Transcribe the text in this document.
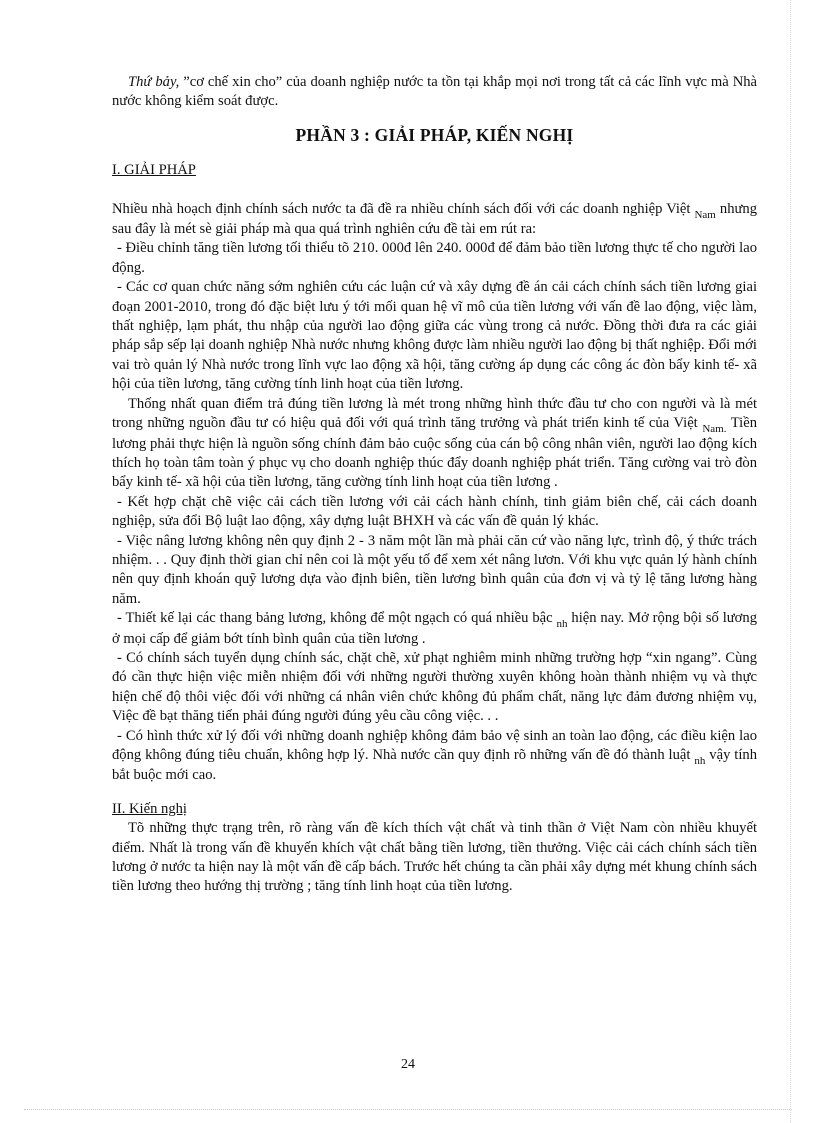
Thứ bảy, ”cơ chế xin cho” của doanh nghiệp nước ta tồn tại khắp mọi nơi trong tất cả các lĩnh vực mà Nhà nước không kiểm soát được.

PHẦN 3 : GIẢI PHÁP, KIẾN NGHỊ

I. GIẢI PHÁP

Nhiều nhà hoạch định chính sách nước ta đã đề ra nhiều chính sách đối với các doanh nghiệp Việt $_{Nam}$ nhưng sau đây là mét sè giải pháp mà qua quá trình nghiên cứu đề tài em rút ra:

- Điều chỉnh tăng tiền lương tối thiểu tõ 210. 000đ lên 240. 000đ để đảm bảo tiền lương thực tế cho người lao động.

- Các cơ quan chức năng sớm nghiên cứu các luận cứ và xây dựng đề án cải cách chính sách tiền lương giai đoạn 2001-2010, trong đó đặc biệt lưu ý tới mối quan hệ vĩ mô của tiền lương với vấn đề lao động, việc làm, thất nghiệp, lạm phát, thu nhập của người lao động giữa các vùng trong cả nước. Đồng thời đưa ra các giải pháp sắp sếp lại doanh nghiệp Nhà nước nhưng không được làm nhiều người lao động bị thất nghiệp. Đổi mới vai trò quản lý Nhà nước trong lĩnh vực lao động xã hội, tăng cường áp dụng các công ác đòn bẩy kinh tế- xã hội của tiền lương, tăng cường tính linh hoạt của tiền lương.

Thống nhất quan điểm trả đúng tiền lương là mét trong những hình thức đầu tư cho con người và là mét trong những nguồn đầu tư có hiệu quả đối với quá trình tăng trưởng và phát triển kinh tế của Việt $_{Nam.}$ Tiền lương phải thực hiện là nguồn sống chính đảm bảo cuộc sống của cán bộ công nhân viên, người lao động kích thích họ toàn tâm toàn ý phục vụ cho doanh nghiệp thúc đẩy doanh nghiệp phát triển. Tăng cường vai trò đòn bẩy kinh tế- xã hội của tiền lương, tăng cường tính linh hoạt của tiền lương .

- Kết hợp chặt chẽ việc cải cách tiền lương với cải cách hành chính, tinh giảm biên chế, cải cách doanh nghiệp, sửa đổi Bộ luật lao động, xây dựng luật BHXH và các vấn đề quản lý khác.

- Việc nâng lương không nên quy định 2 - 3 năm một lần mà phải căn cứ vào năng lực, trình độ, ý thức trách nhiệm. . . Quy định thời gian chỉ nên coi là một yếu tố để xem xét nâng lươn. Với khu vực quản lý hành chính nên quy định khoán quỹ lương dựa vào định biên, tiền lương bình quân của đơn vị và tỷ lệ tăng lương hàng năm.

- Thiết kế lại các thang bảng lương, không để một ngạch có quá nhiều bậc $_{nh}$ hiện nay. Mở rộng bội số lương ở mọi cấp để giảm bớt tính bình quân của tiền lương .

- Có chính sách tuyển dụng chính sác, chặt chẽ, xử phạt nghiêm minh những trường hợp “xin ngang”. Cùng đó cần thực hiện việc miễn nhiệm đối với những người thường xuyên không hoàn thành nhiệm vụ và thực hiện chế độ thôi việc đối với những cá nhân viên chức không đủ phẩm chất, năng lực đảm đương nhiệm vụ, Việc đề bạt thăng tiến phải đúng người đúng yêu cầu công việc. . .

- Có hình thức xử lý đối với những doanh nghiệp không đảm bảo vệ sinh an toàn lao động, các điều kiện lao động không đúng tiêu chuẩn, không hợp lý. Nhà nước cần quy định rõ những vấn đề đó thành luật $_{nh}$ vậy tính bắt buộc mới cao.

II. Kiến nghị

Tõ những thực trạng trên, rõ ràng vấn đề kích thích vật chất và tinh thần ở Việt Nam còn nhiều khuyết điểm. Nhất là trong vấn đề khuyến khích vật chất bằng tiền lương, tiền thưởng. Việc cải cách chính sách tiền lương ở nước ta hiện nay là một vấn đề cấp bách. Trước hết chúng ta cần phải xây dựng mét khung chính sách tiền lương theo hướng thị trường ; tăng tính linh hoạt của tiền lương.

24
